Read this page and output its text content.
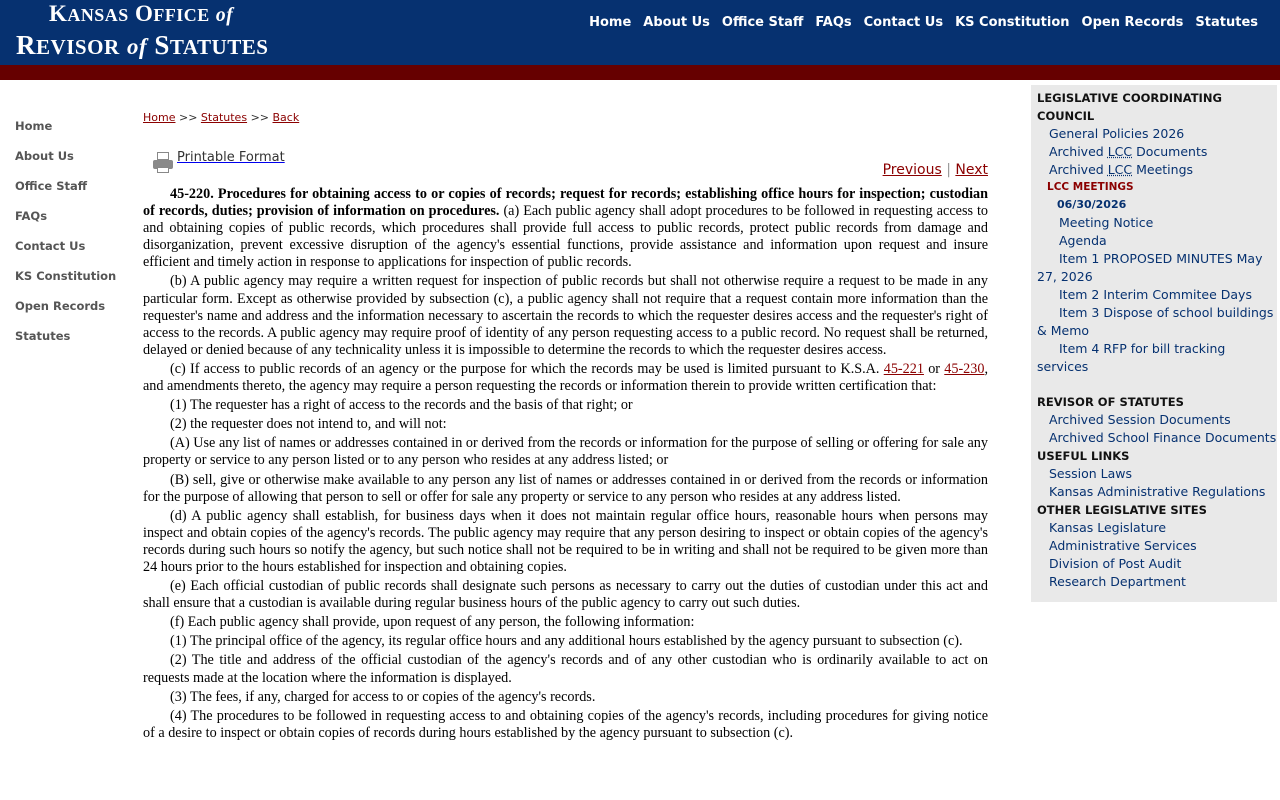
KANSAS OFFICE of
REVISOR of STATUTES
Home About Us Office Staff FAQs Contact Us KS Constitution Open Records Statutes
Home
About Us
Office Staff
FAQs
Contact Us
KS Constitution
Open Records
Statutes
Home >> Statutes >> Back
Printable Format
Previous | Next

45-220. Procedures for obtaining access to or copies of records; request for records; establishing office hours for inspection; custodian of records, duties; provision of information on procedures. (a) Each public agency shall adopt procedures to be followed in requesting access to and obtaining copies of public records, which procedures shall provide full access to public records, protect public records from damage and disorganization, prevent excessive disruption of the agency's essential functions, provide assistance and information upon request and insure efficient and timely action in response to applications for inspection of public records.

(b) A public agency may require a written request for inspection of public records but shall not otherwise require a request to be made in any particular form. Except as otherwise provided by subsection (c), a public agency shall not require that a request contain more information than the requester's name and address and the information necessary to ascertain the records to which the requester desires access and the requester's right of access to the records. A public agency may require proof of identity of any person requesting access to a public record. No request shall be returned, delayed or denied because of any technicality unless it is impossible to determine the records to which the requester desires access.

(c) If access to public records of an agency or the purpose for which the records may be used is limited pursuant to K.S.A. 45-221 or 45-230, and amendments thereto, the agency may require a person requesting the records or information therein to provide written certification that:

(1) The requester has a right of access to the records and the basis of that right; or

(2) the requester does not intend to, and will not:

(A) Use any list of names or addresses contained in or derived from the records or information for the purpose of selling or offering for sale any property or service to any person listed or to any person who resides at any address listed; or

(B) sell, give or otherwise make available to any person any list of names or addresses contained in or derived from the records or information for the purpose of allowing that person to sell or offer for sale any property or service to any person who resides at any address listed.

(d) A public agency shall establish, for business days when it does not maintain regular office hours, reasonable hours when persons may inspect and obtain copies of the agency's records. The public agency may require that any person desiring to inspect or obtain copies of the agency's records during such hours so notify the agency, but such notice shall not be required to be in writing and shall not be required to be given more than 24 hours prior to the hours established for inspection and obtaining copies.

(e) Each official custodian of public records shall designate such persons as necessary to carry out the duties of custodian under this act and shall ensure that a custodian is available during regular business hours of the public agency to carry out such duties.

(f) Each public agency shall provide, upon request of any person, the following information:

(1) The principal office of the agency, its regular office hours and any additional hours established by the agency pursuant to subsection (c).

(2) The title and address of the official custodian of the agency's records and of any other custodian who is ordinarily available to act on requests made at the location where the information is displayed.

(3) The fees, if any, charged for access to or copies of the agency's records.

(4) The procedures to be followed in requesting access to and obtaining copies of the agency's records, including procedures for giving notice of a desire to inspect or obtain copies of records during hours established by the agency pursuant to subsection (c).

LEGISLATIVE COORDINATING COUNCIL
General Policies 2026
Archived LCC Documents
Archived LCC Meetings
LCC MEETINGS
06/30/2026
Meeting Notice
Agenda
Item 1 PROPOSED MINUTES May 27, 2026
Item 2 Interim Commitee Days
Item 3 Dispose of school buildings & Memo
Item 4 RFP for bill tracking services
REVISOR OF STATUTES
Archived Session Documents
Archived School Finance Documents
USEFUL LINKS
Session Laws
Kansas Administrative Regulations
OTHER LEGISLATIVE SITES
Kansas Legislature
Administrative Services
Division of Post Audit
Research Department
